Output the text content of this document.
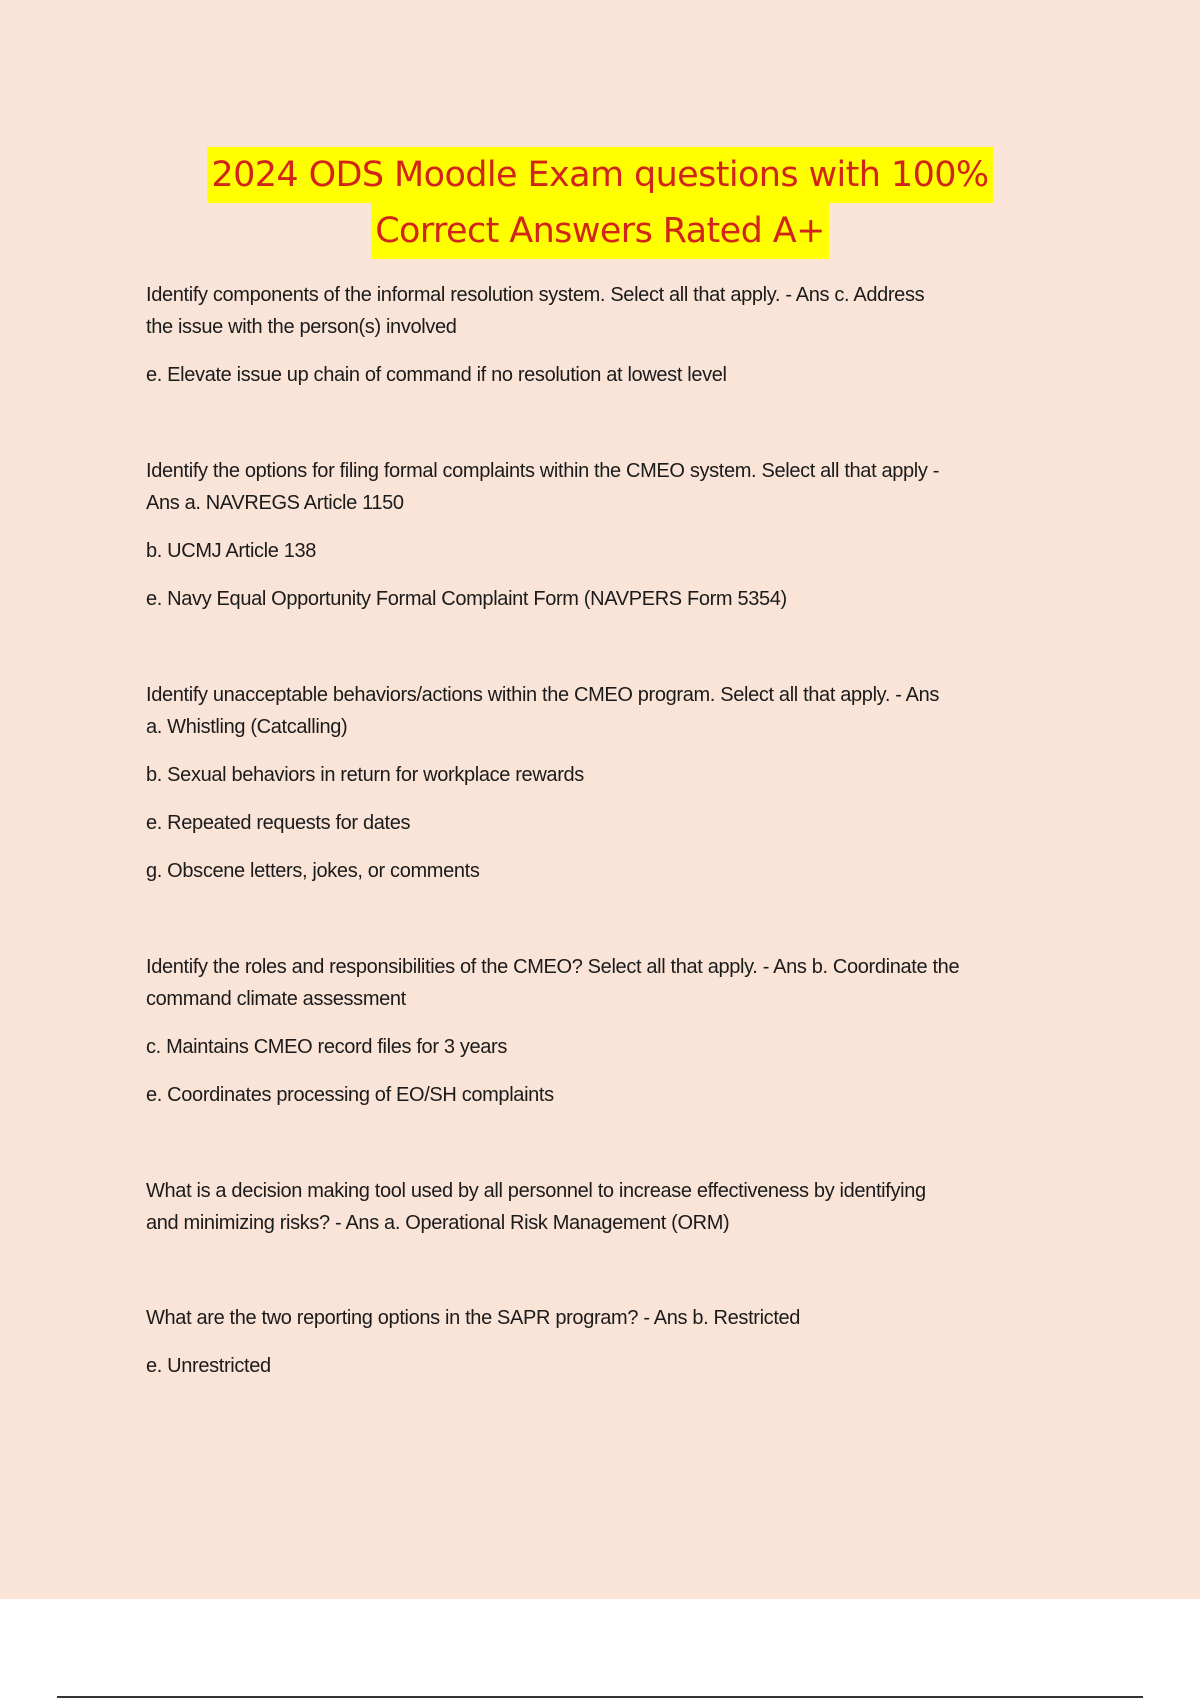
2024 ODS Moodle Exam questions with 100%
Correct Answers Rated A+

Identify components of the informal resolution system. Select all that apply. - Ans c. Address

the issue with the person(s) involved

e. Elevate issue up chain of command if no resolution at lowest level

Identify the options for filing formal complaints within the CMEO system. Select all that apply -

Ans a. NAVREGS Article 1150

b. UCMJ Article 138

e. Navy Equal Opportunity Formal Complaint Form (NAVPERS Form 5354)

Identify unacceptable behaviors/actions within the CMEO program. Select all that apply. - Ans

a. Whistling (Catcalling)

b. Sexual behaviors in return for workplace rewards

e. Repeated requests for dates

g. Obscene letters, jokes, or comments

Identify the roles and responsibilities of the CMEO? Select all that apply. - Ans b. Coordinate the

command climate assessment

c. Maintains CMEO record files for 3 years

e. Coordinates processing of EO/SH complaints

What is a decision making tool used by all personnel to increase effectiveness by identifying

and minimizing risks? - Ans a. Operational Risk Management (ORM)

What are the two reporting options in the SAPR program? - Ans b. Restricted

e. Unrestricted
